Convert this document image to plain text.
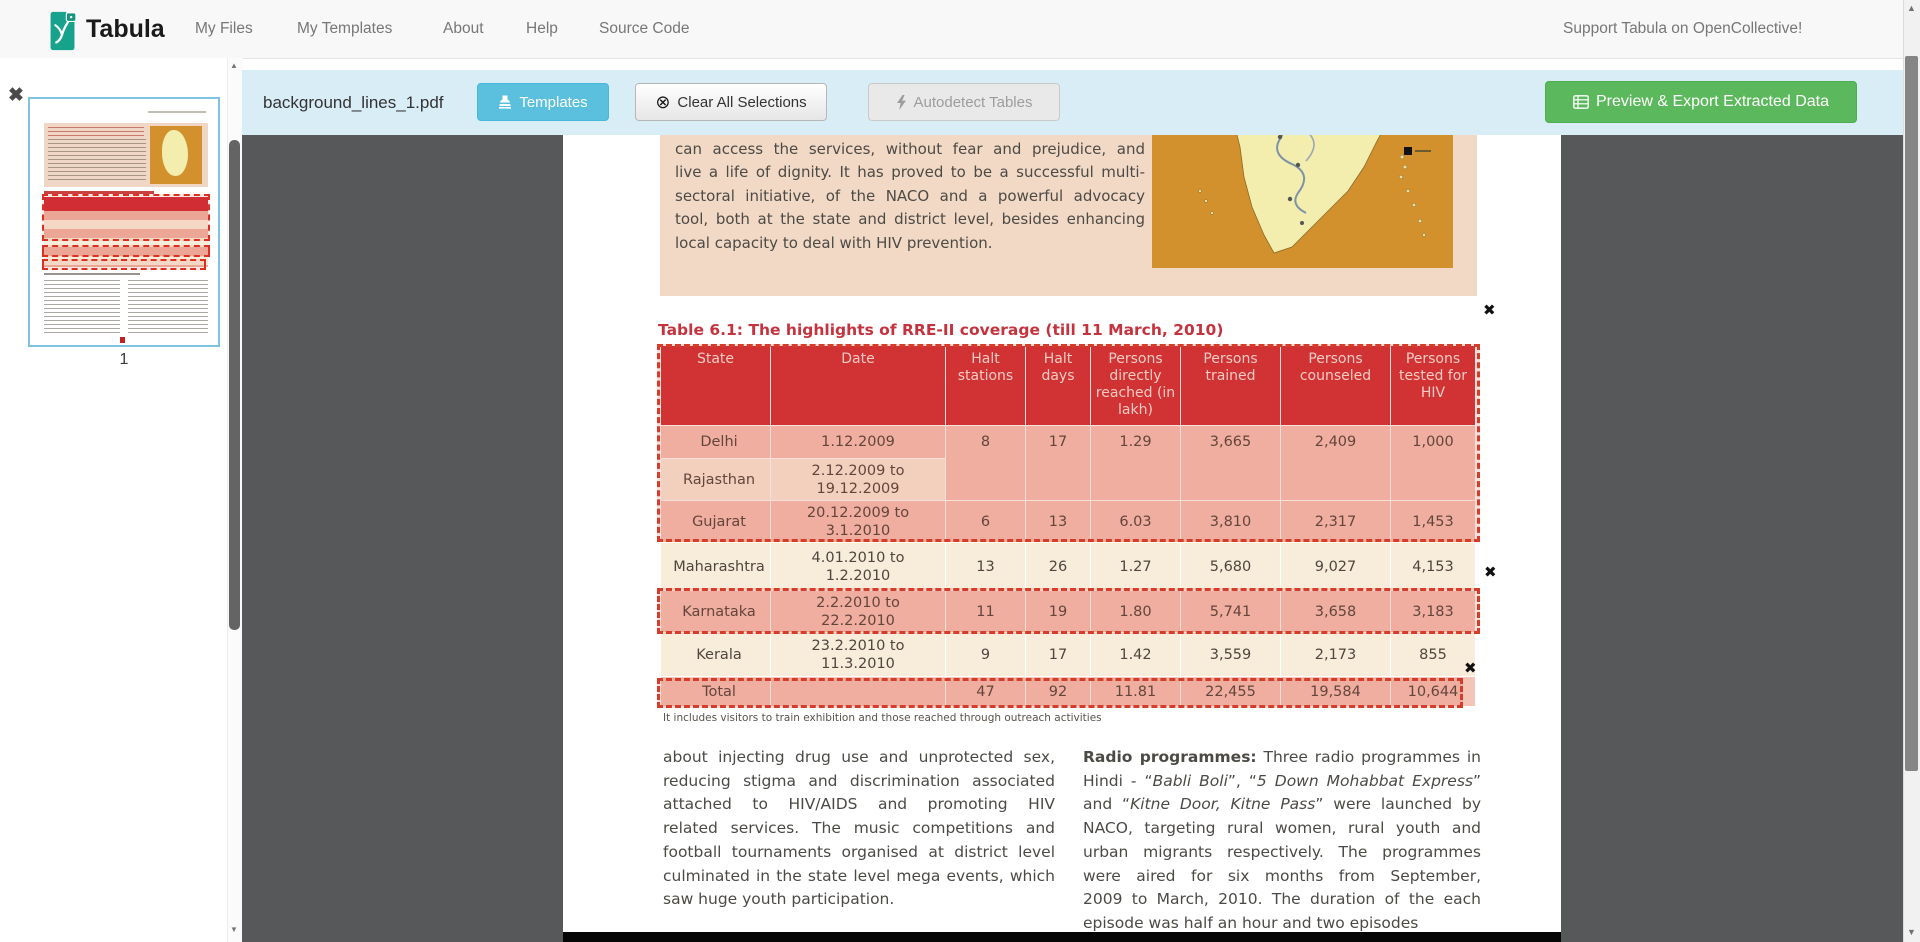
Tabula My Files	My Templates	About	Help	Source Code	Support Tabula on OpenCollective!
✖
1
▲
▼
background_lines_1.pdf	Templates	⊗ Clear All Selections	Autodetect Tables	Preview & Export Extracted Data
can access the services, without fear and prejudice, and
live a life of dignity. It has proved to be a successful multi-
sectoral initiative, of the NACO and a powerful advocacy
tool, both at the state and district level, besides enhancing
local capacity to deal with HIV prevention.
Table 6.1: The highlights of RRE-II coverage (till 11 March, 2010)
State	Date	Halt stations	Halt days	Persons directly reached (in lakh)	Persons trained	Persons counseled	Persons tested for HIV
Delhi	1.12.2009	8	17	1.29	3,665	2,409	1,000
Rajasthan	2.12.2009 to 19.12.2009						
Gujarat	20.12.2009 to 3.1.2010	6	13	6.03	3,810	2,317	1,453
Maharashtra	4.01.2010 to 1.2.2010	13	26	1.27	5,680	9,027	4,153
Karnataka	2.2.2010 to 22.2.2010	11	19	1.80	5,741	3,658	3,183
Kerala	23.2.2010 to 11.3.2010	9	17	1.42	3,559	2,173	855
Total		47	92	11.81	22,455	19,584	10,644
✖
✖
✖
It includes visitors to train exhibition and those reached through outreach activities
about injecting drug use and unprotected sex,
reducing stigma and discrimination associated
attached to HIV/AIDS and promoting HIV
related services. The music competitions and
football tournaments organised at district level
culminated in the state level mega events, which
saw huge youth participation.
Radio programmes: Three radio programmes in
Hindi - “Babli Boli”, “5 Down Mohabbat Express”
and “Kitne Door, Kitne Pass” were launched by
NACO, targeting rural women, rural youth and
urban migrants respectively. The programmes
were aired for six months from September,
2009 to March, 2010. The duration of the each
episode was half an hour and two episodes
▲
▼
